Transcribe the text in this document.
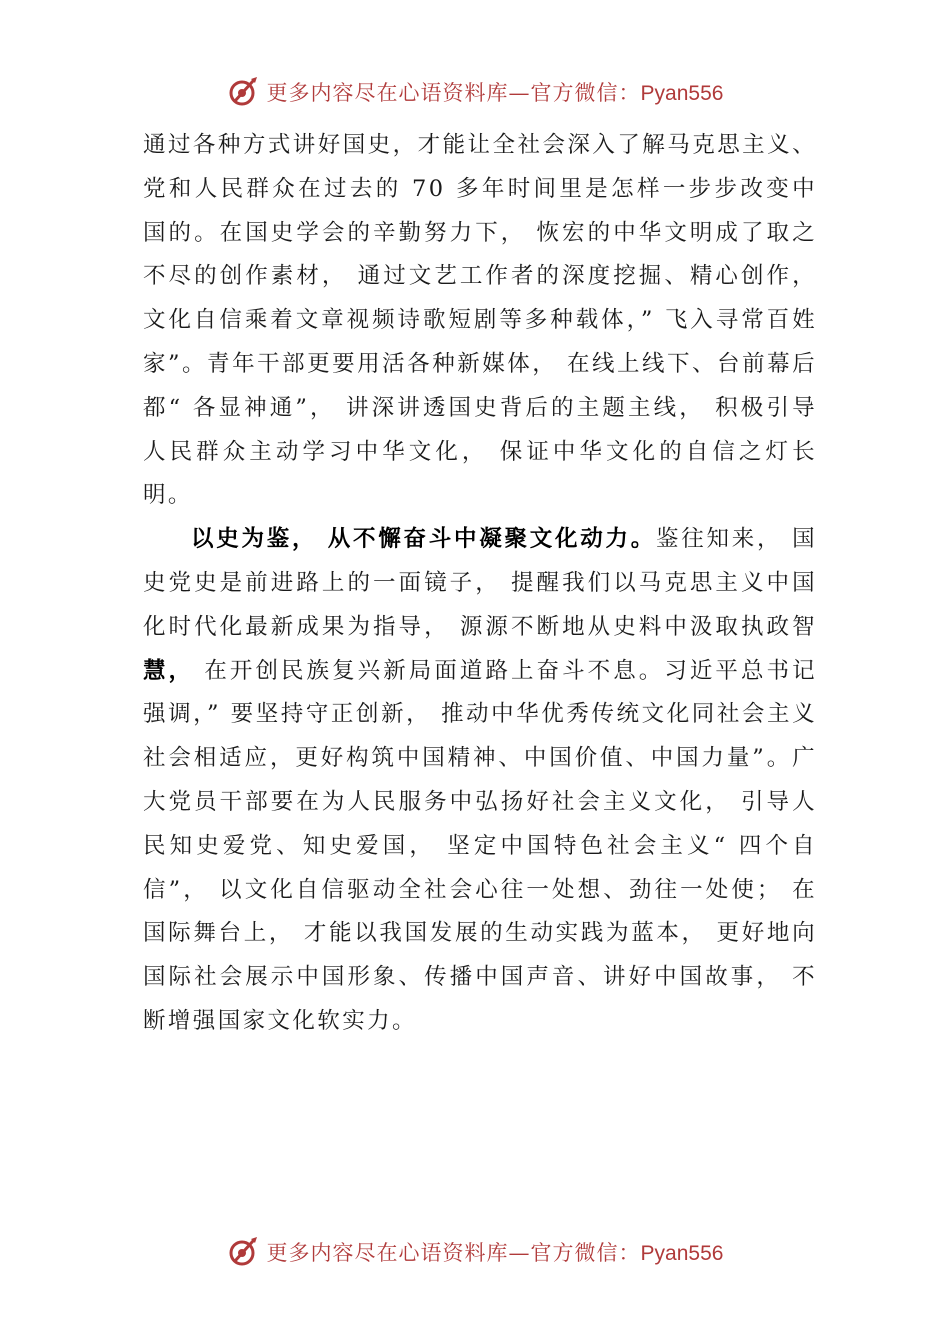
更多内容尽在心语资料库—官方微信：Pyan556

通过各种方式讲好国史，才能让全社会深入了解马克思主义、党和人民群众在过去的 70 多年时间里是怎样一步步改变中国的。在国史学会的辛勤努力下， 恢宏的中华文明成了取之不尽的创作素材， 通过文艺工作者的深度挖掘、精心创作， 文化自信乘着文章视频诗歌短剧等多种载体，” 飞入寻常百姓家”。青年干部更要用活各种新媒体， 在线上线下、台前幕后都“ 各显神通”， 讲深讲透国史背后的主题主线， 积极引导人民群众主动学习中华文化， 保证中华文化的自信之灯长明。

以史为鉴， 从不懈奋斗中凝聚文化动力。鉴往知来， 国史党史是前进路上的一面镜子， 提醒我们以马克思主义中国化时代化最新成果为指导， 源源不断地从史料中汲取执政智慧， 在开创民族复兴新局面道路上奋斗不息。习近平总书记强调，” 要坚持守正创新， 推动中华优秀传统文化同社会主义社会相适应，更好构筑中国精神、中国价值、中国力量”。广大党员干部要在为人民服务中弘扬好社会主义文化， 引导人民知史爱党、知史爱国， 坚定中国特色社会主义“ 四个自信”， 以文化自信驱动全社会心往一处想、劲往一处使； 在国际舞台上， 才能以我国发展的生动实践为蓝本， 更好地向国际社会展示中国形象、传播中国声音、讲好中国故事， 不断增强国家文化软实力。

更多内容尽在心语资料库—官方微信：Pyan556
